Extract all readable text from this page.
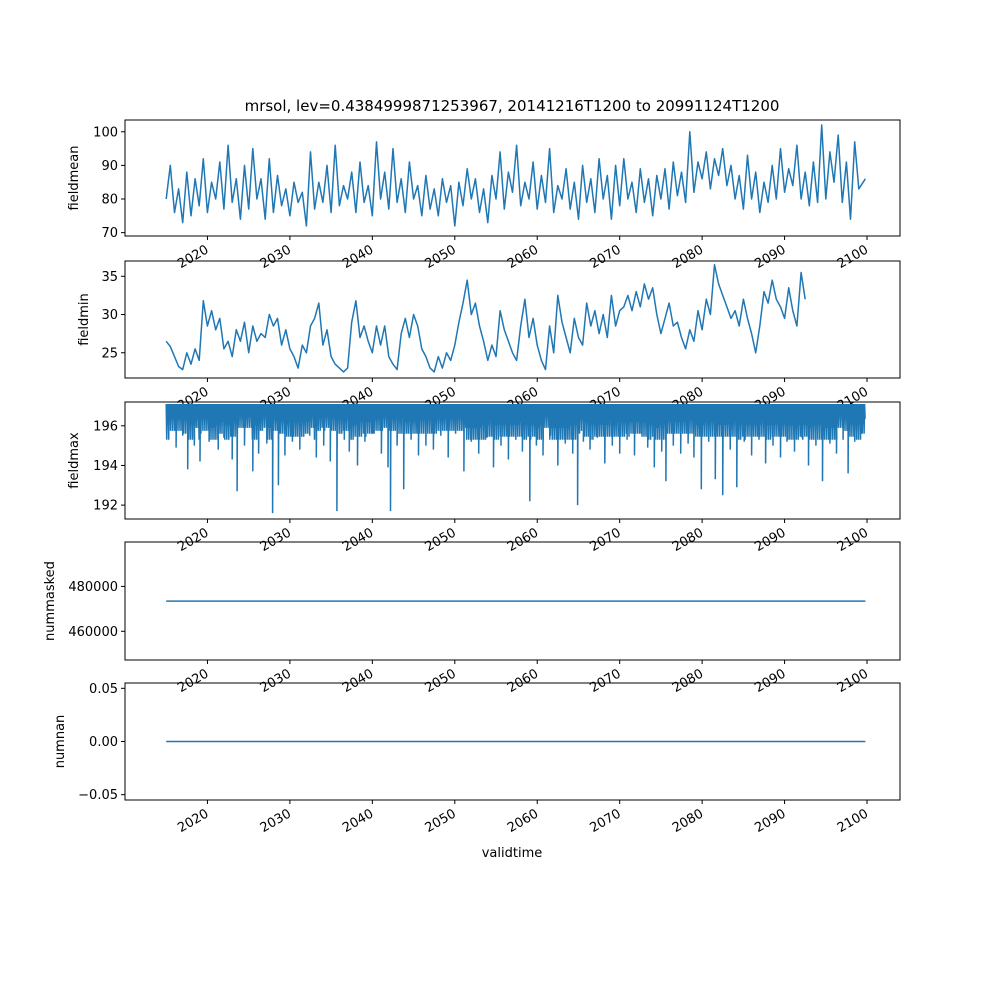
mrsol, lev=0.4384999871253967, 20141216T1200 to 20991124T1200
70
80
90
100
2020	2030	2040	2050	2060	2070	2080	2090	2100
fieldmean
25
30
35
2020	2030	2040	2050	2060	2070	2080	2090	2100
fieldmin
192
194
196
2020	2030	2040	2050	2060	2070	2080	2090	2100
fieldmax
460000
480000
2020	2030	2040	2050	2060	2070	2080	2090	2100
nummasked
−0.05
0.00
0.05
2020	2030	2040	2050	2060	2070	2080	2090	2100
numnan
validtime
